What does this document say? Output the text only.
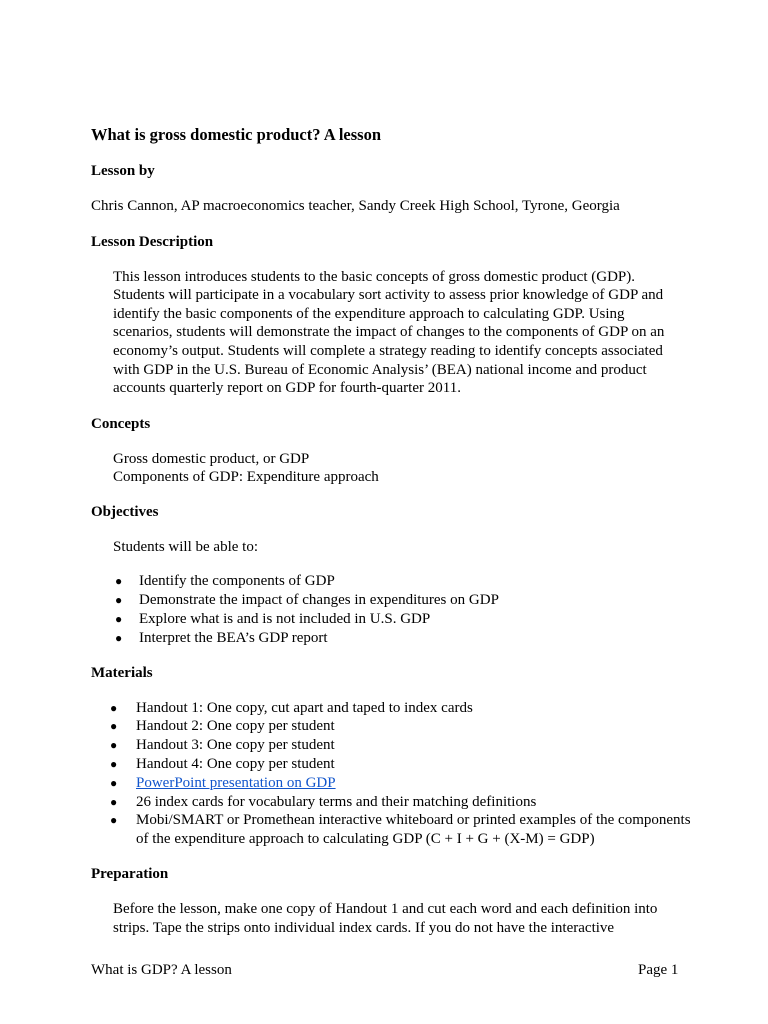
What is gross domestic product? A lesson
Lesson by

Chris Cannon, AP macroeconomics teacher, Sandy Creek High School, Tyrone, Georgia

Lesson Description

This lesson introduces students to the basic concepts of gross domestic product (GDP). Students will participate in a vocabulary sort activity to assess prior knowledge of GDP and identify the basic components of the expenditure approach to calculating GDP. Using scenarios, students will demonstrate the impact of changes to the components of GDP on an economy’s output. Students will complete a strategy reading to identify concepts associated with GDP in the U.S. Bureau of Economic Analysis’ (BEA) national income and product accounts quarterly report on GDP for fourth-quarter 2011.

Concepts
Gross domestic product, or GDP
Components of GDP: Expenditure approach
Objectives

Students will be able to:

● Identify the components of GDP
● Demonstrate the impact of changes in expenditures on GDP
● Explore what is and is not included in U.S. GDP
● Interpret the BEA’s GDP report
Materials
● Handout 1: One copy, cut apart and taped to index cards
● Handout 2: One copy per student
● Handout 3: One copy per student
● Handout 4: One copy per student
● PowerPoint presentation on GDP
● 26 index cards for vocabulary terms and their matching definitions
● Mobi/SMART or Promethean interactive whiteboard or printed examples of the components of the expenditure approach to calculating GDP (C + I + G + (X-M) = GDP)
Preparation

Before the lesson, make one copy of Handout 1 and cut each word and each definition into strips. Tape the strips onto individual index cards. If you do not have the interactive

What is GDP? A lesson	Page 1
